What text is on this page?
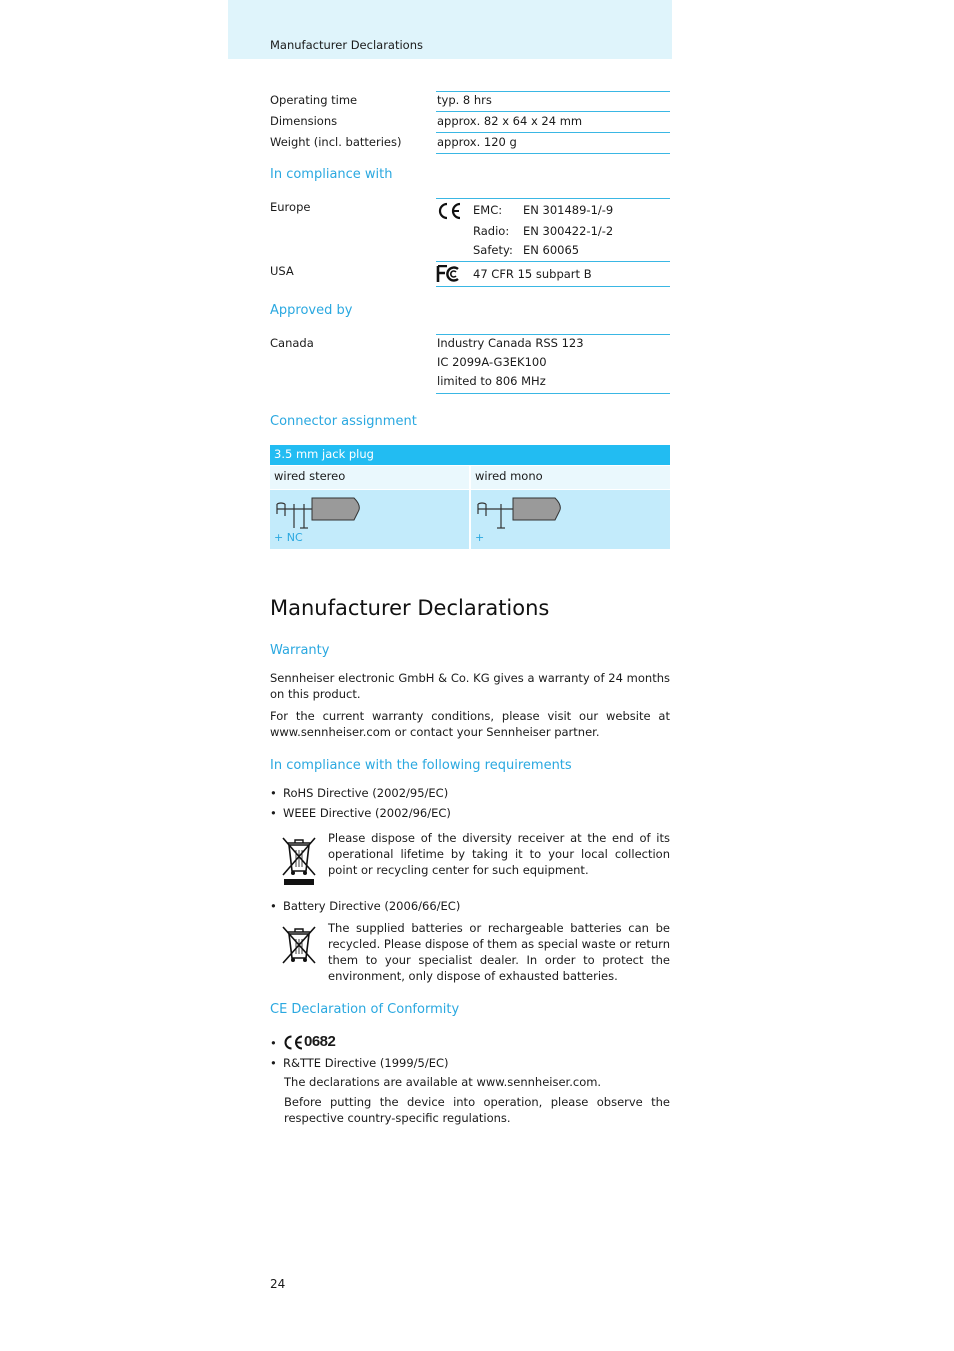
Manufacturer Declarations
Operating time	typ. 8 hrs
Dimensions	approx. 82 x 64 x 24 mm
Weight (incl. batteries)	approx. 120 g
In compliance with
Europe	EMC: EN 301489-1/-9
Radio: EN 300422-1/-2
Safety: EN 60065
USA	47 CFR 15 subpart B
Approved by
Canada	Industry Canada RSS 123
IC 2099A-G3EK100
limited to 806 MHz
Connector assignment
3.5 mm jack plug
wired stereo	wired mono
+ NC	+
Manufacturer Declarations
Warranty
Sennheiser electronic GmbH & Co. KG gives a warranty of 24 months on this product.
For the current warranty conditions, please visit our website at www.sennheiser.com or contact your Sennheiser partner.
In compliance with the following requirements
• RoHS Directive (2002/95/EC)
• WEEE Directive (2002/96/EC)
Please dispose of the diversity receiver at the end of its operational lifetime by taking it to your local collection point or recycling center for such equipment.
• Battery Directive (2006/66/EC)
The supplied batteries or rechargeable batteries can be recycled. Please dispose of them as special waste or return them to your specialist dealer. In order to protect the environment, only dispose of exhausted batteries.
CE Declaration of Conformity
• 0682
• R&TTE Directive (1999/5/EC)
The declarations are available at www.sennheiser.com.
Before putting the device into operation, please observe the respective country-specific regulations.
24
